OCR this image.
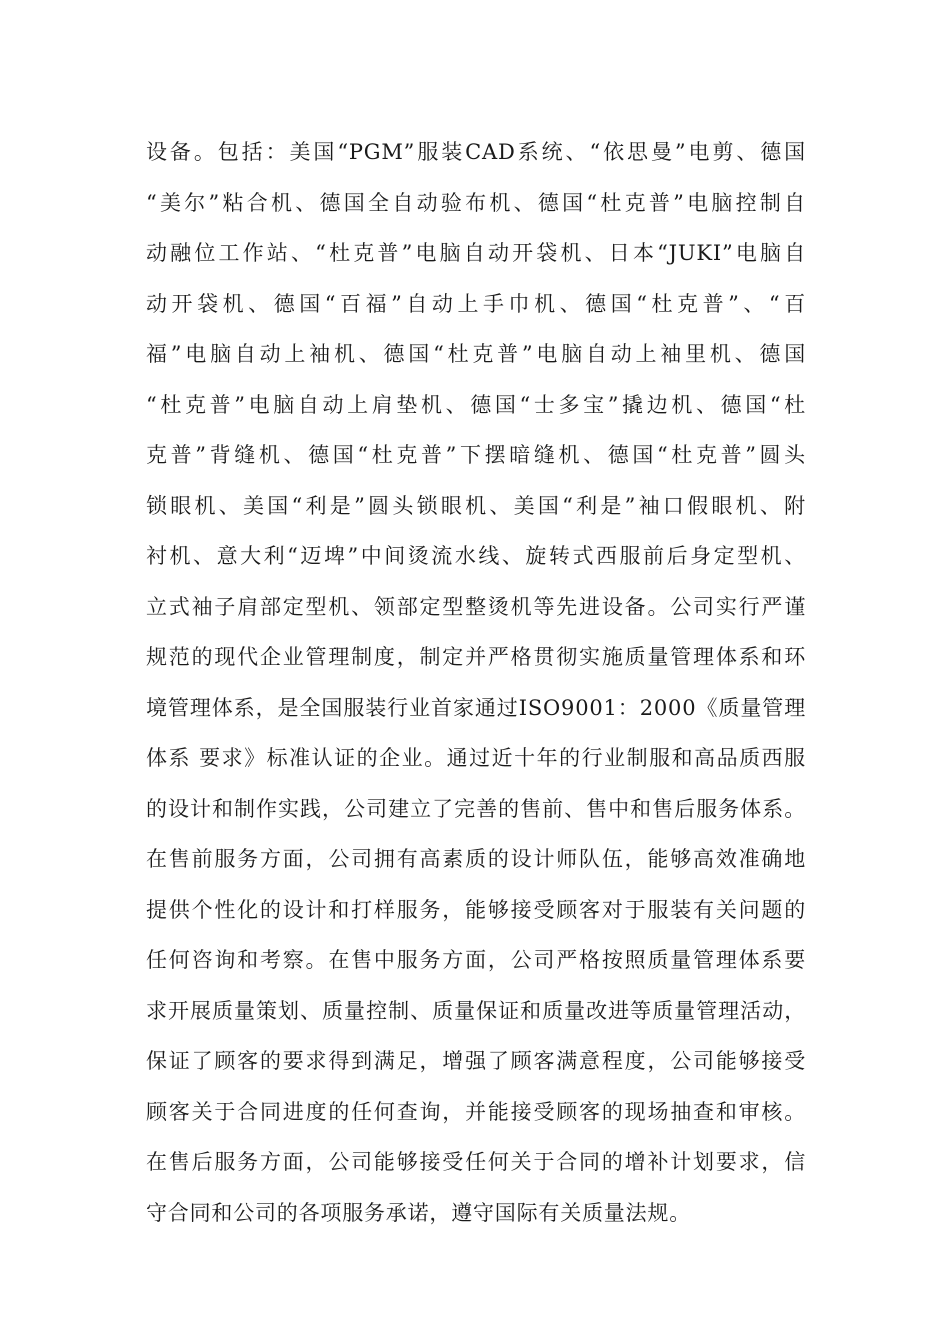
设备。包括：美国“PGM”服装CAD系统、“依思曼”电剪、德国
“美尔”粘合机、德国全自动验布机、德国“杜克普”电脑控制自
动融位工作站、“杜克普”电脑自动开袋机、日本“JUKI”电脑自
动开袋机、德国“百福”自动上手巾机、德国“杜克普”、“百
福”电脑自动上袖机、德国“杜克普”电脑自动上袖里机、德国
“杜克普”电脑自动上肩垫机、德国“士多宝”撬边机、德国“杜
克普”背缝机、德国“杜克普”下摆暗缝机、德国“杜克普”圆头
锁眼机、美国“利是”圆头锁眼机、美国“利是”袖口假眼机、附
衬机、意大利“迈埤”中间烫流水线、旋转式西服前后身定型机、
立式袖子肩部定型机、领部定型整烫机等先进设备。公司实行严谨
规范的现代企业管理制度，制定并严格贯彻实施质量管理体系和环
境管理体系，是全国服装行业首家通过ISO9001：2000《质量管理
体系 要求》标准认证的企业。通过近十年的行业制服和高品质西服
的设计和制作实践，公司建立了完善的售前、售中和售后服务体系。
在售前服务方面，公司拥有高素质的设计师队伍，能够高效准确地
提供个性化的设计和打样服务，能够接受顾客对于服装有关问题的
任何咨询和考察。在售中服务方面，公司严格按照质量管理体系要
求开展质量策划、质量控制、质量保证和质量改进等质量管理活动，
保证了顾客的要求得到满足，增强了顾客满意程度，公司能够接受
顾客关于合同进度的任何查询，并能接受顾客的现场抽查和审核。
在售后服务方面，公司能够接受任何关于合同的增补计划要求，信
守合同和公司的各项服务承诺，遵守国际有关质量法规。
